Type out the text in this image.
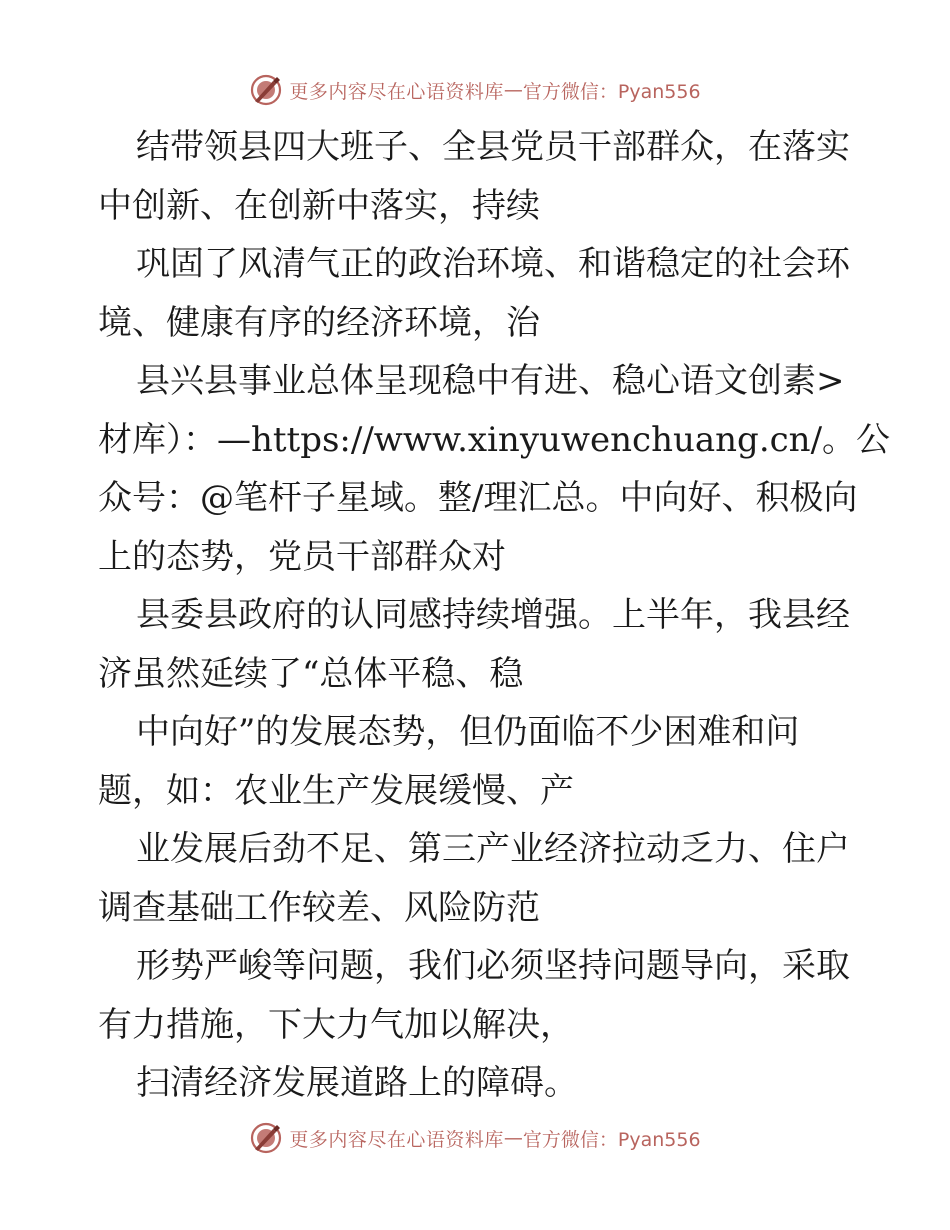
更多内容尽在心语资料库 — 官方微信：Pyan556
结带领县四大班子、全县党员干部群众，在落实
中创新、在创新中落实，持续
巩固了风清气正的政治环境、和谐稳定的社会环
境、健康有序的经济环境，治
县兴县事业总体呈现稳中有进、稳心语文创素>
材库）：—https://www.xinyuwenchuang.cn/。公
众号：@笔杆子星域。整/理汇总。中向好、积极向
上的态势，党员干部群众对
县委县政府的认同感持续增强。上半年，我县经
济虽然延续了“总体平稳、稳
中向好”的发展态势，但仍面临不少困难和问
题，如：农业生产发展缓慢、产
业发展后劲不足、第三产业经济拉动乏力、住户
调查基础工作较差、风险防范
形势严峻等问题，我们必须坚持问题导向，采取
有力措施，下大力气加以解决，
扫清经济发展道路上的障碍。
更多内容尽在心语资料库 — 官方微信：Pyan556
